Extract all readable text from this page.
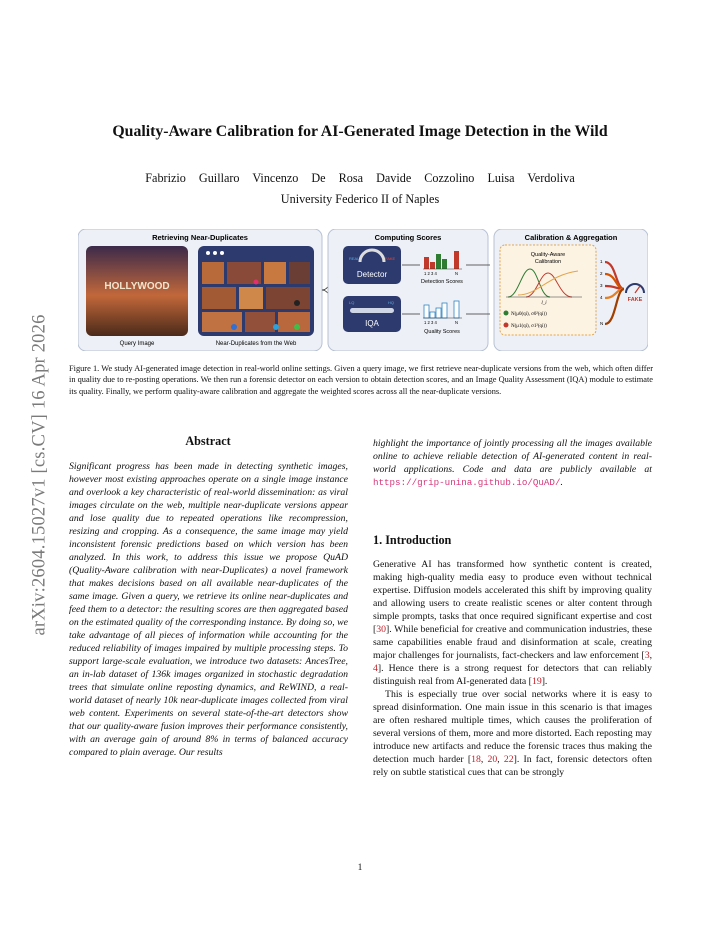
arXiv:2604.15027v1 [cs.CV] 16 Apr 2026
Quality-Aware Calibration for AI-Generated Image Detection in the Wild
Fabrizio Guillaro Vincenzo De Rosa Davide Cozzolino Luisa Verdoliva
University Federico II of Naples
Retrieving Near-Duplicates
HOLLYWOOD
Query Image	Near-Duplicates from the Web
Computing Scores
REAL	FAKE
Detector
LQ	HQ
IQA
1 2 3 4	N
Detection Scores
1 2 3 4	N
Quality Scores
Calibration & Aggregation
Quality-Aware
Calibration
l_i
N(μ0(qi), σ0²(qi))
N(μ1(qi), σ1²(qi))
1
2
3
4
N
FAKE
Figure 1. We study AI-generated image detection in real-world online settings. Given a query image, we first retrieve near-duplicate versions from the web, which often differ in quality due to re-posting operations. We then run a forensic detector on each version to obtain detection scores, and an Image Quality Assessment (IQA) module to estimate its quality. Finally, we perform quality-aware calibration and aggregate the weighted scores across all the near-duplicate versions.
Abstract
Significant progress has been made in detecting synthetic images, however most existing approaches operate on a single image instance and overlook a key characteristic of real-world dissemination: as viral images circulate on the web, multiple near-duplicate versions appear and lose quality due to repeated operations like recompression, resizing and cropping. As a consequence, the same image may yield inconsistent forensic predictions based on which version has been analyzed. In this work, to address this issue we propose QuAD (Quality-Aware calibration with near-Duplicates) a novel framework that makes decisions based on all available near-duplicates of the same image. Given a query, we retrieve its online near-duplicates and feed them to a detector: the resulting scores are then aggregated based on the estimated quality of the corresponding instance. By doing so, we take advantage of all pieces of information while accounting for the reduced reliability of images impaired by multiple processing steps. To support large-scale evaluation, we introduce two datasets: AncesTree, an in-lab dataset of 136k images organized in stochastic degradation trees that simulate online reposting dynamics, and ReWIND, a real-world dataset of nearly 10k near-duplicate images collected from viral web content. Experiments on several state-of-the-art detectors show that our quality-aware fusion improves their performance consistently, with an average gain of around 8% in terms of balanced accuracy compared to plain average. Our results
highlight the importance of jointly processing all the images available online to achieve reliable detection of AI-generated content in real-world applications. Code and data are publicly available at https://grip-unina.github.io/QuAD/.
1. Introduction

Generative AI has transformed how synthetic content is created, making high-quality media easy to produce even without technical expertise. Diffusion models accelerated this shift by improving quality and allowing users to create realistic scenes or alter content through simple prompts, tasks that once required significant expertise and cost [30]. While beneficial for creative and communication industries, these same capabilities enable fraud and disinformation at scale, creating major challenges for journalists, fact-checkers and law enforcement [3, 4]. Hence there is a strong request for detectors that can reliably distinguish real from AI-generated data [19].

This is especially true over social networks where it is easy to spread disinformation. One main issue in this scenario is that images are often reshared multiple times, which causes the proliferation of several versions of them, more and more distorted. Each reposting may introduce new artifacts and reduce the forensic traces thus making the detection much harder [18, 20, 22]. In fact, forensic detectors often rely on subtle statistical cues that can be strongly

1
